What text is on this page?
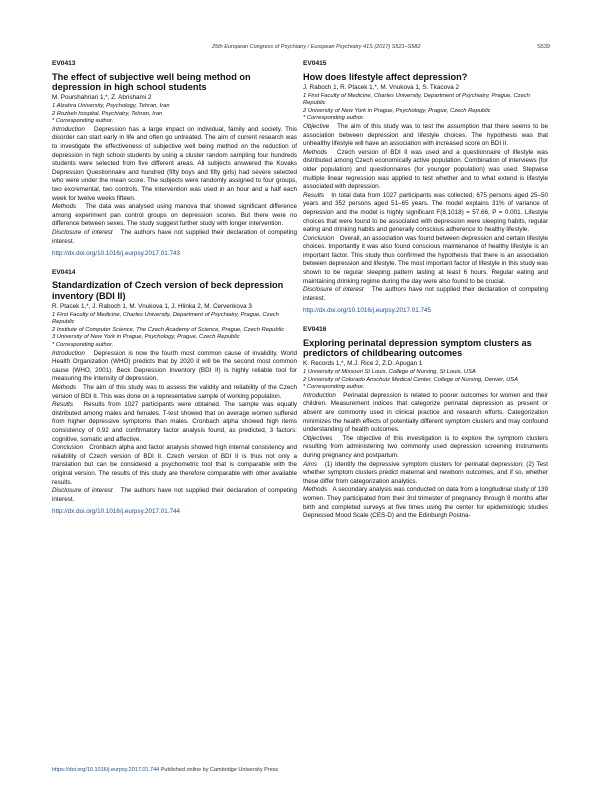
25th European Congress of Psychiatry / European Psychiatry 41S (2017) S521–S582	S539
EV0413
The effect of subjective well being method on depression in high school students
M. Pourshahriari 1,*, Z. Abrishami 2
1 Alzahra University, Psychology, Tehran, Iran
2 Rozbeh hospital, Psychiatry, Tehran, Iran
* Corresponding author.

Introduction Depression has a large impact on individual, family and society. This disorder can start early in life and often go untreated. The aim of current research was to investigate the effectiveness of subjective well being method on the reduction of depression in high school students by using a cluster random sampling four hundreds students were selected from five different areas. All subjects answered the Kovaks Depression Questionnaire and hundred (fifty boys and fifty girls) had severe selected who were under the mean score. The subjects were randomly assigned to four groups, two excremental, two controls. The intervention was used in an hour and a half each week for twelve weeks fifteen.

Methods The data was analysed using manova that showed significant difference among experiment pan control groups on depression scores. But there were no difference between sexes. The study suggest further study with longer intervention.

Disclosure of interest The authors have not supplied their declaration of competing interest.

http://dx.doi.org/10.1016/j.eurpsy.2017.01.743
EV0414
Standardization of Czech version of beck depression inventory (BDI II)
R. Ptacek 1,*, J. Raboch 1, M. Vnukova 1, J. Hlinka 2, M. Cervenkova 3
1 First Faculty of Medicine, Charles University, Department of Psychiatry, Prague, Czech Republic
2 Institute of Computer Science, The Czech Academy of Science, Prague, Czech Republic
3 University of New York in Prague, Psychology, Prague, Czech Republic
* Corresponding author.

Introduction Depression is now the fourth most common cause of invalidity. World Health Organization (WHO) predicts that by 2020 it will be the second most common cause (WHO, 2001). Beck Depression Inventory (BDI II) is highly reliable tool for measuring the intensity of depression.

Methods The aim of this study was to assess the validity and reliability of the Czech version of BDI II. This was done on a representative sample of working population.

Results Results from 1027 participants were obtained. The sample was equally distributed among males and females. T-test showed that on average women suffered from higher depressive symptoms than males. Cronbach alpha showed high items consistency of 0,92 and confirmatory factor analysis found, as predicted, 3 factors: cognitive, somatic and affective.

Conclusion Cronbach alpha and factor analysis showed high internal consistency and reliability of Czech version of BDI II. Czech version of BDI II is thus not only a translation but can be considered a psychometric tool that is comparable with the original version. The results of this study are therefore comparable with other available results.

Disclosure of interest The authors have not supplied their declaration of competing interest.

http://dx.doi.org/10.1016/j.eurpsy.2017.01.744
EV0415
How does lifestyle affect depression?
J. Raboch 1, R. Ptacek 1,*, M. Vnukova 1, S. Tkacova 2
1 First Faculty of Medicine, Charles University, Department of Psychiatry, Prague, Czech Republic
2 University of New York in Prague, Psychology, Prague, Czech Republic
* Corresponding author.

Objective The aim of this study was to test the assumption that there seems to be association between depression and lifestyle choices. The hypothesis was that unhealthy lifestyle will have an association with increased score on BDI II.

Methods Czech version of BDI II was used and a questionnaire of lifestyle was distributed among Czech economically active population. Combination of interviews (for older population) and questionnaires (for younger population) was used. Stepwise multiple linear regression was applied to test whether and to what extend is lifestyle associated with depression.

Results In total data from 1027 participants was collected; 675 persons aged 25–50 years and 352 persons aged 51–65 years. The model explains 31% of variance of depression and the model is highly significant F(8,1018) = 57.66, P = 0.001. Lifestyle choices that were found to be associated with depression were sleeping habits, regular eating and drinking habits and generally conscious adherence to healthy lifestyle.

Conclusion Overall, an association was found between depression and certain lifestyle choices. Importantly it was also found conscious maintenance of healthy lifestyle is an important factor. This study thus confirmed the hypothesis that there is an association between depression and lifestyle. The most important factor of lifestyle in this study was shown to be regular sleeping pattern lasting at least 6 hours. Regular eating and maintaining drinking regime during the day were also found to be crucial.

Disclosure of interest The authors have not supplied their declaration of competing interest.

http://dx.doi.org/10.1016/j.eurpsy.2017.01.745
EV0416
Exploring perinatal depression symptom clusters as predictors of childbearing outcomes
K. Records 1,*, M.J. Rice 2, Z.D. Apugan 1
1 University of Missouri St Louis, College of Nursing, St Louis, USA
2 University of Colorado Anschutz Medical Center, College of Nursing, Denver, USA
* Corresponding author.

Introduction Perinatal depression is related to poorer outcomes for women and their children. Measurement indices that categorize perinatal depression as present or absent are commonly used in clinical practice and research efforts. Categorization minimizes the health effects of potentially different symptom clusters and may confound understanding of health outcomes.

Objectives The objective of this investigation is to explore the symptom clusters resulting from administering two commonly used depression screening instruments during pregnancy and postpartum.

Aims (1) Identify the depressive symptom clusters for perinatal depression; (2) Test whether symptom clusters predict maternal and newborn outcomes, and if so, whether these differ from categorization analytics.

Methods A secondary analysis was conducted on data from a longitudinal study of 139 women. They participated from their 3rd trimester of pregnancy through 8 months after birth and completed surveys at five times using the center for epidemiologic studies Depressed Mood Scale (CES-D) and the Edinburgh Postna-

https://doi.org/10.1016/j.eurpsy.2017.01.744 Published online by Cambridge University Press
